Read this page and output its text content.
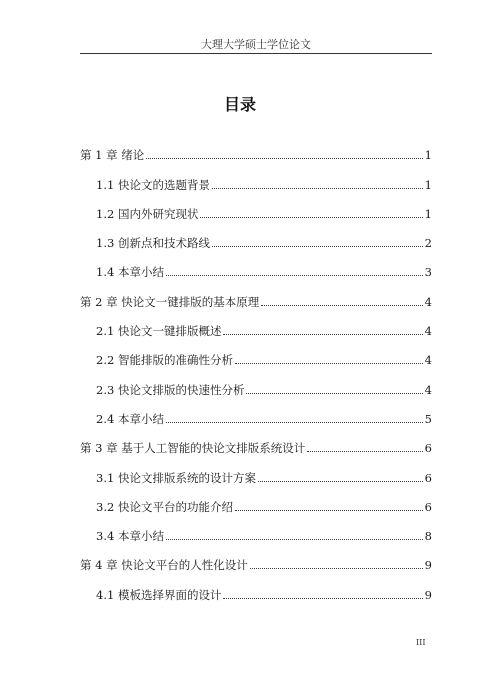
大理大学硕士学位论文
目录
第 1 章 绪论	1
1.1 快论文的选题背景	1
1.2 国内外研究现状	1
1.3 创新点和技术路线	2
1.4 本章小结	3
第 2 章 快论文一键排版的基本原理	4
2.1 快论文一键排版概述	4
2.2 智能排版的准确性分析	4
2.3 快论文排版的快速性分析	4
2.4 本章小结	5
第 3 章 基于人工智能的快论文排版系统设计	6
3.1 快论文排版系统的设计方案	6
3.2 快论文平台的功能介绍	6
3.4 本章小结	8
第 4 章 快论文平台的人性化设计	9
4.1 模板选择界面的设计	9
III
